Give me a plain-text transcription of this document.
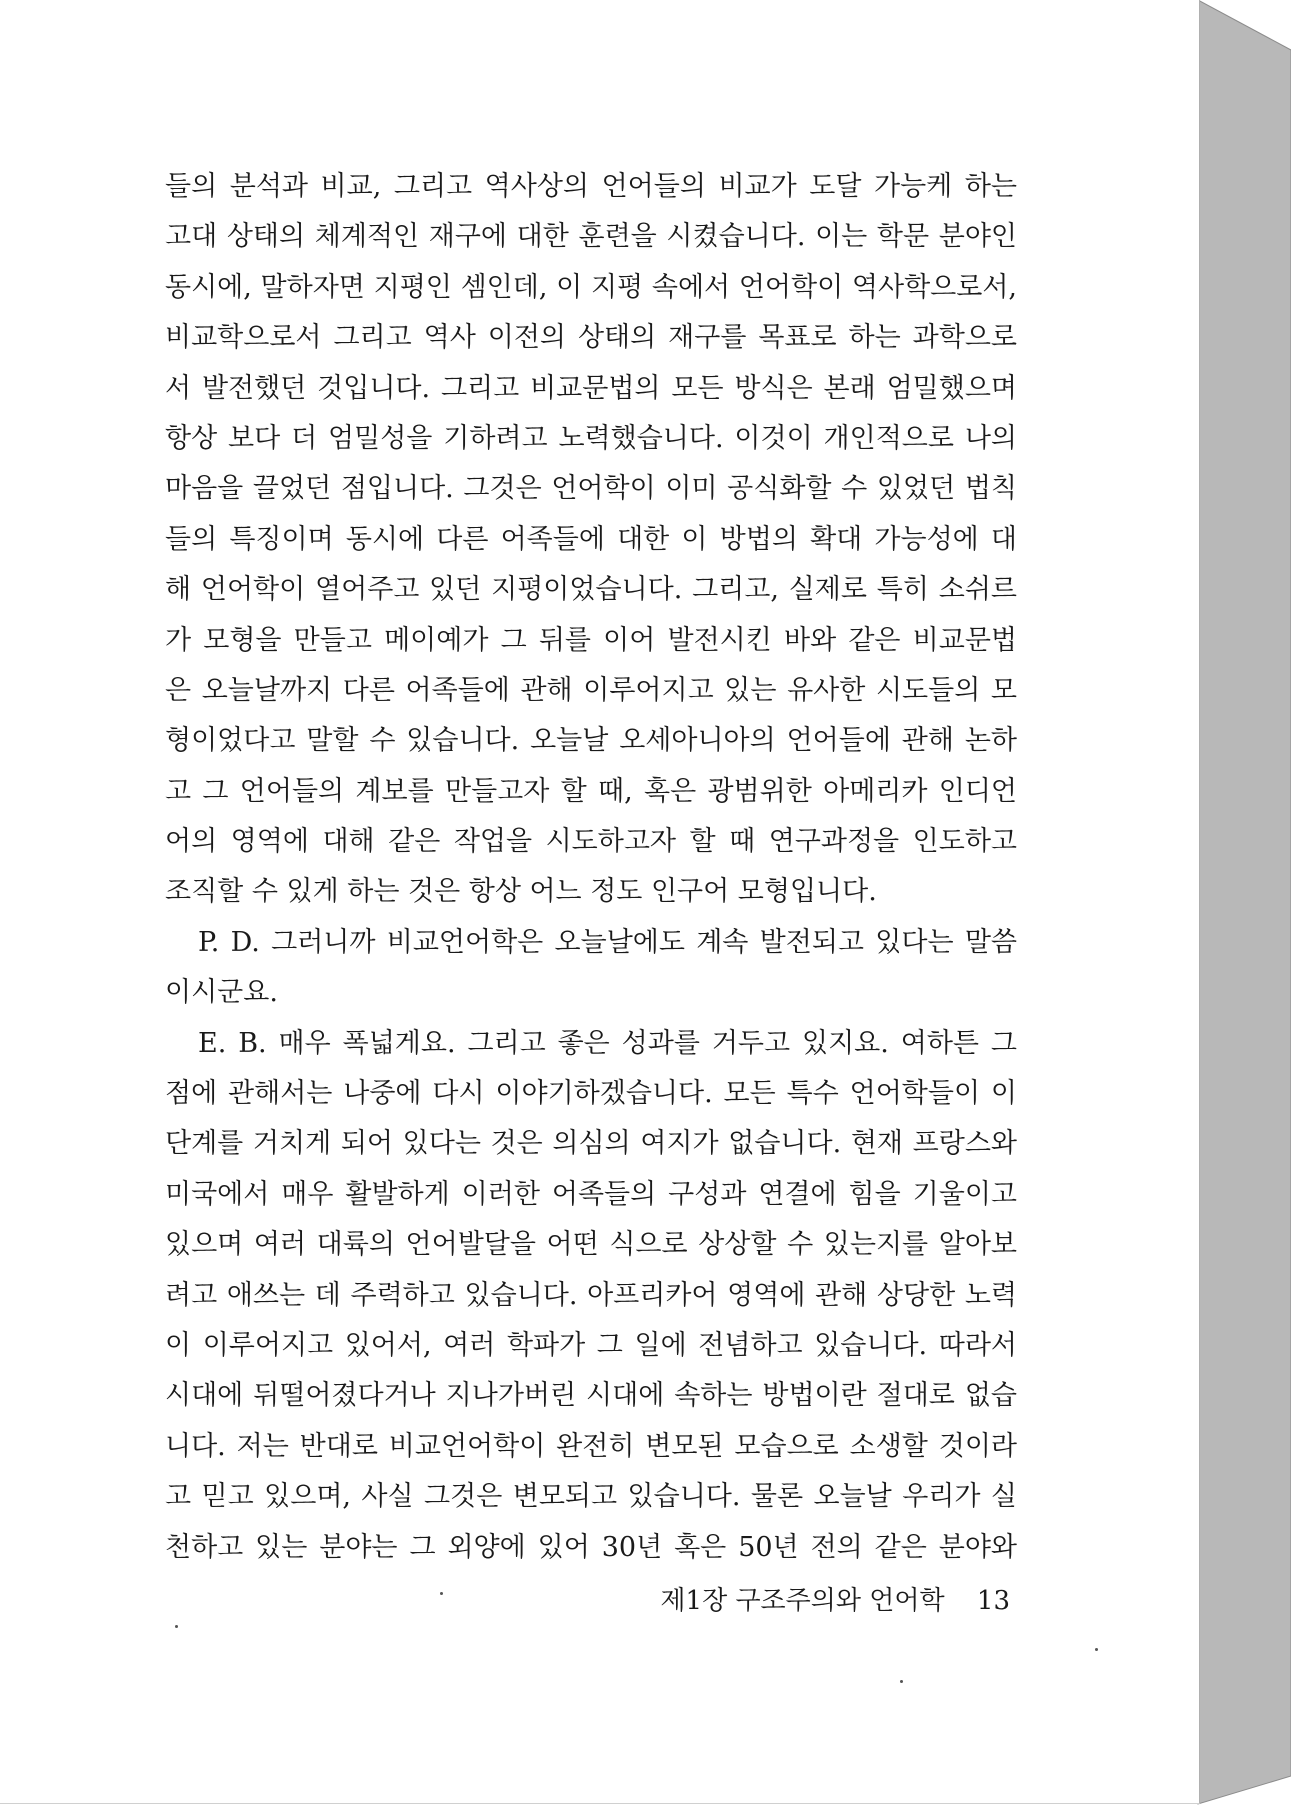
들의 분석과 비교, 그리고 역사상의 언어들의 비교가 도달 가능케 하는
고대 상태의 체계적인 재구에 대한 훈련을 시켰습니다. 이는 학문 분야인
동시에, 말하자면 지평인 셈인데, 이 지평 속에서 언어학이 역사학으로서,
비교학으로서 그리고 역사 이전의 상태의 재구를 목표로 하는 과학으로
서 발전했던 것입니다. 그리고 비교문법의 모든 방식은 본래 엄밀했으며
항상 보다 더 엄밀성을 기하려고 노력했습니다. 이것이 개인적으로 나의
마음을 끌었던 점입니다. 그것은 언어학이 이미 공식화할 수 있었던 법칙
들의 특징이며 동시에 다른 어족들에 대한 이 방법의 확대 가능성에 대
해 언어학이 열어주고 있던 지평이었습니다. 그리고, 실제로 특히 소쉬르
가 모형을 만들고 메이예가 그 뒤를 이어 발전시킨 바와 같은 비교문법
은 오늘날까지 다른 어족들에 관해 이루어지고 있는 유사한 시도들의 모
형이었다고 말할 수 있습니다. 오늘날 오세아니아의 언어들에 관해 논하
고 그 언어들의 계보를 만들고자 할 때, 혹은 광범위한 아메리카 인디언
어의 영역에 대해 같은 작업을 시도하고자 할 때 연구과정을 인도하고
조직할 수 있게 하는 것은 항상 어느 정도 인구어 모형입니다.
P. D. 그러니까 비교언어학은 오늘날에도 계속 발전되고 있다는 말씀
이시군요.
E. B. 매우 폭넓게요. 그리고 좋은 성과를 거두고 있지요. 여하튼 그
점에 관해서는 나중에 다시 이야기하겠습니다. 모든 특수 언어학들이 이
단계를 거치게 되어 있다는 것은 의심의 여지가 없습니다. 현재 프랑스와
미국에서 매우 활발하게 이러한 어족들의 구성과 연결에 힘을 기울이고
있으며 여러 대륙의 언어발달을 어떤 식으로 상상할 수 있는지를 알아보
려고 애쓰는 데 주력하고 있습니다. 아프리카어 영역에 관해 상당한 노력
이 이루어지고 있어서, 여러 학파가 그 일에 전념하고 있습니다. 따라서
시대에 뒤떨어졌다거나 지나가버린 시대에 속하는 방법이란 절대로 없습
니다. 저는 반대로 비교언어학이 완전히 변모된 모습으로 소생할 것이라
고 믿고 있으며, 사실 그것은 변모되고 있습니다. 물론 오늘날 우리가 실
천하고 있는 분야는 그 외양에 있어 30년 혹은 50년 전의 같은 분야와
제1장 구조주의와 언어학 13
